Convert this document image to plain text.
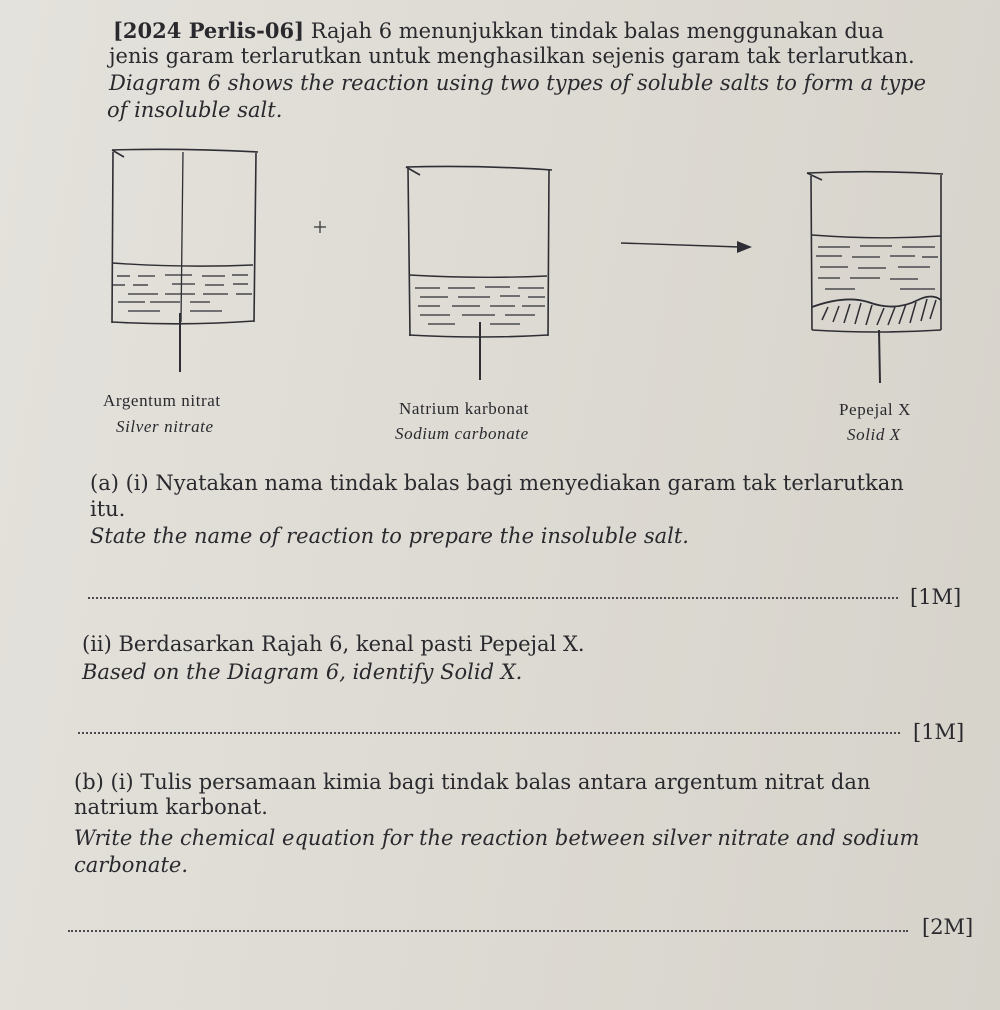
[2024 Perlis-06] Rajah 6 menunjukkan tindak balas menggunakan dua
jenis garam terlarutkan untuk menghasilkan sejenis garam tak terlarutkan.
Diagram 6 shows the reaction using two types of soluble salts to form a type
of insoluble salt.
Argentum nitrat
Silver nitrate
Natrium karbonat
Sodium carbonate
Pepejal X
Solid X
(a) (i) Nyatakan nama tindak balas bagi menyediakan garam tak terlarutkan
itu.
State the name of reaction to prepare the insoluble salt.
[1M]
(ii) Berdasarkan Rajah 6, kenal pasti Pepejal X.
Based on the Diagram 6, identify Solid X.
[1M]
(b) (i) Tulis persamaan kimia bagi tindak balas antara argentum nitrat dan
natrium karbonat.
Write the chemical equation for the reaction between silver nitrate and sodium
carbonate.
[2M]
